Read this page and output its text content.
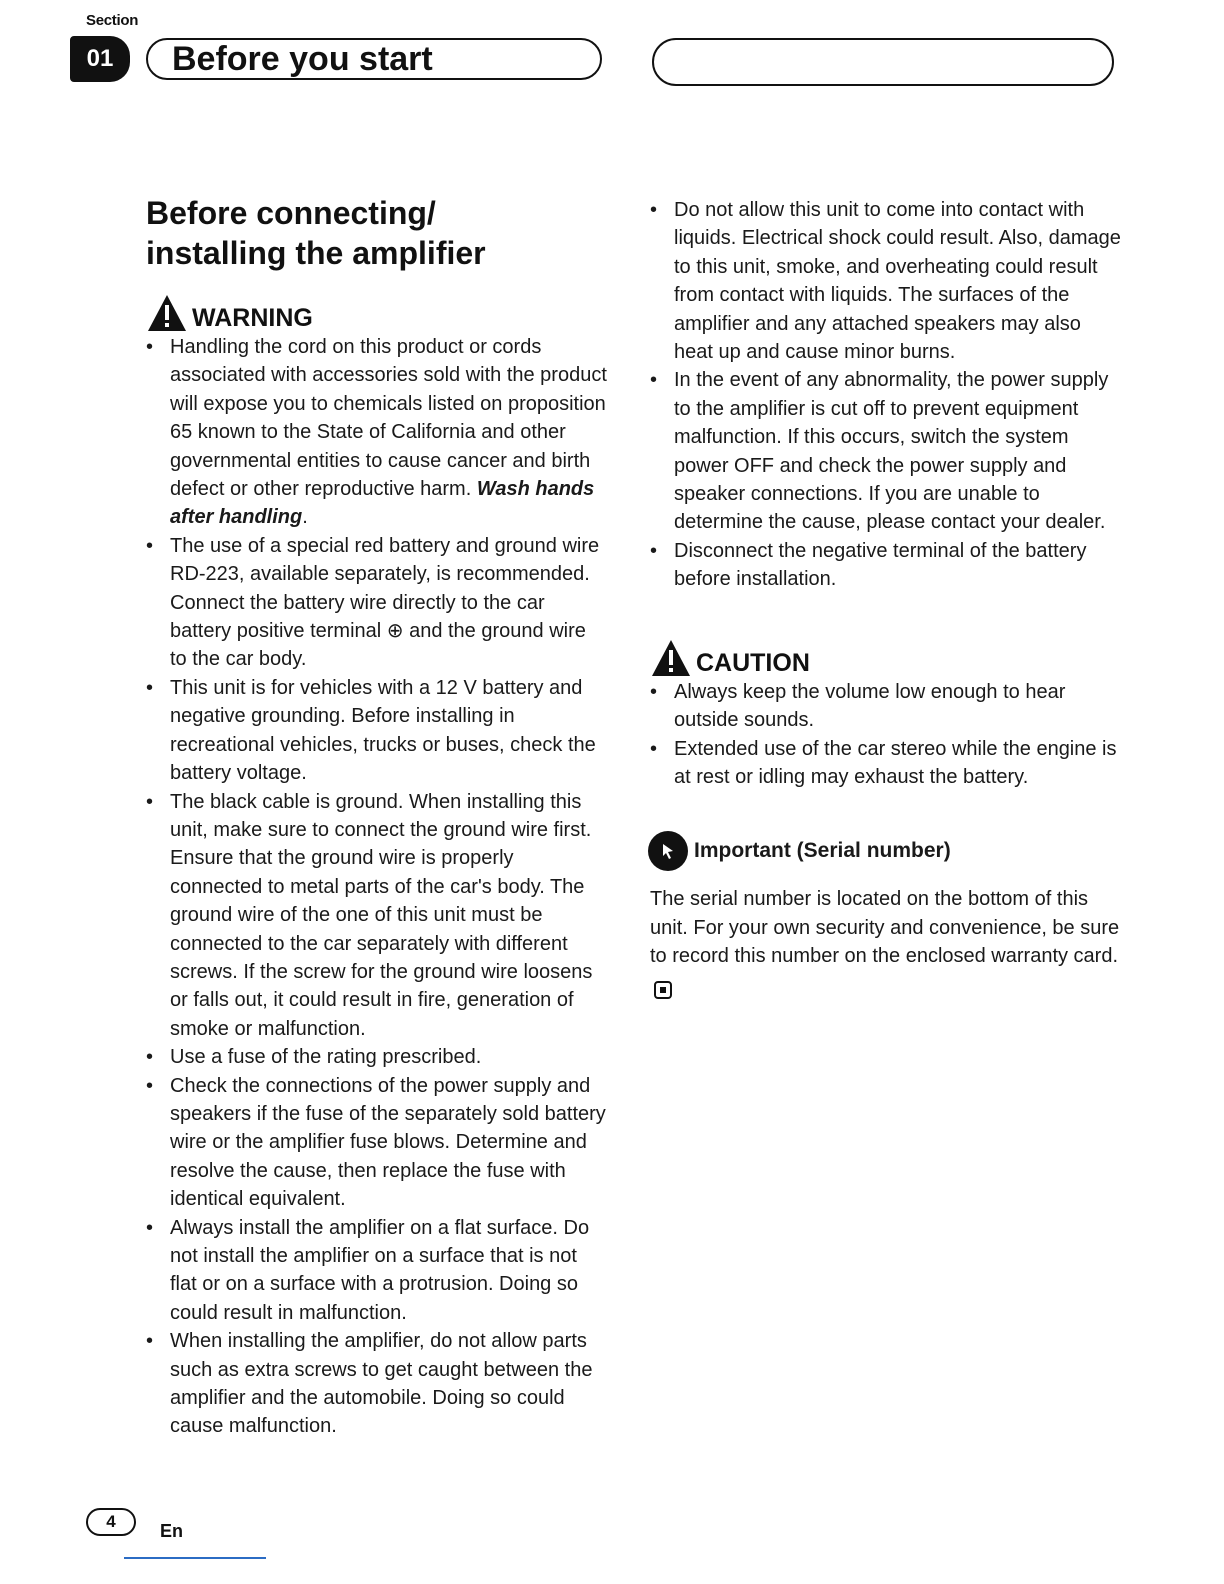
Section
01	Before you start
Before connecting/
installing the amplifier
WARNING
• Handling the cord on this product or cords associated with accessories sold with the product will expose you to chemicals listed on proposition 65 known to the State of California and other governmental entities to cause cancer and birth defect or other reproductive harm. Wash hands after handling.
• The use of a special red battery and ground wire RD-223, available separately, is recommended. Connect the battery wire directly to the car battery positive terminal ⊕ and the ground wire to the car body.
• This unit is for vehicles with a 12 V battery and negative grounding. Before installing in recreational vehicles, trucks or buses, check the battery voltage.
• The black cable is ground. When installing this unit, make sure to connect the ground wire first. Ensure that the ground wire is properly connected to metal parts of the car's body. The ground wire of the one of this unit must be connected to the car separately with different screws. If the screw for the ground wire loosens or falls out, it could result in fire, generation of smoke or malfunction.
• Use a fuse of the rating prescribed.
• Check the connections of the power supply and speakers if the fuse of the separately sold battery wire or the amplifier fuse blows. Determine and resolve the cause, then replace the fuse with identical equivalent.
• Always install the amplifier on a flat surface. Do not install the amplifier on a surface that is not flat or on a surface with a protrusion. Doing so could result in malfunction.
• When installing the amplifier, do not allow parts such as extra screws to get caught between the amplifier and the automobile. Doing so could cause malfunction.
• Do not allow this unit to come into contact with liquids. Electrical shock could result. Also, damage to this unit, smoke, and overheating could result from contact with liquids. The surfaces of the amplifier and any attached speakers may also heat up and cause minor burns.
• In the event of any abnormality, the power supply to the amplifier is cut off to prevent equipment malfunction. If this occurs, switch the system power OFF and check the power supply and speaker connections. If you are unable to determine the cause, please contact your dealer.
• Disconnect the negative terminal of the battery before installation.
CAUTION
• Always keep the volume low enough to hear outside sounds.
• Extended use of the car stereo while the engine is at rest or idling may exhaust the battery.
Important (Serial number)

The serial number is located on the bottom of this unit. For your own security and convenience, be sure to record this number on the enclosed warranty card.

4	En
